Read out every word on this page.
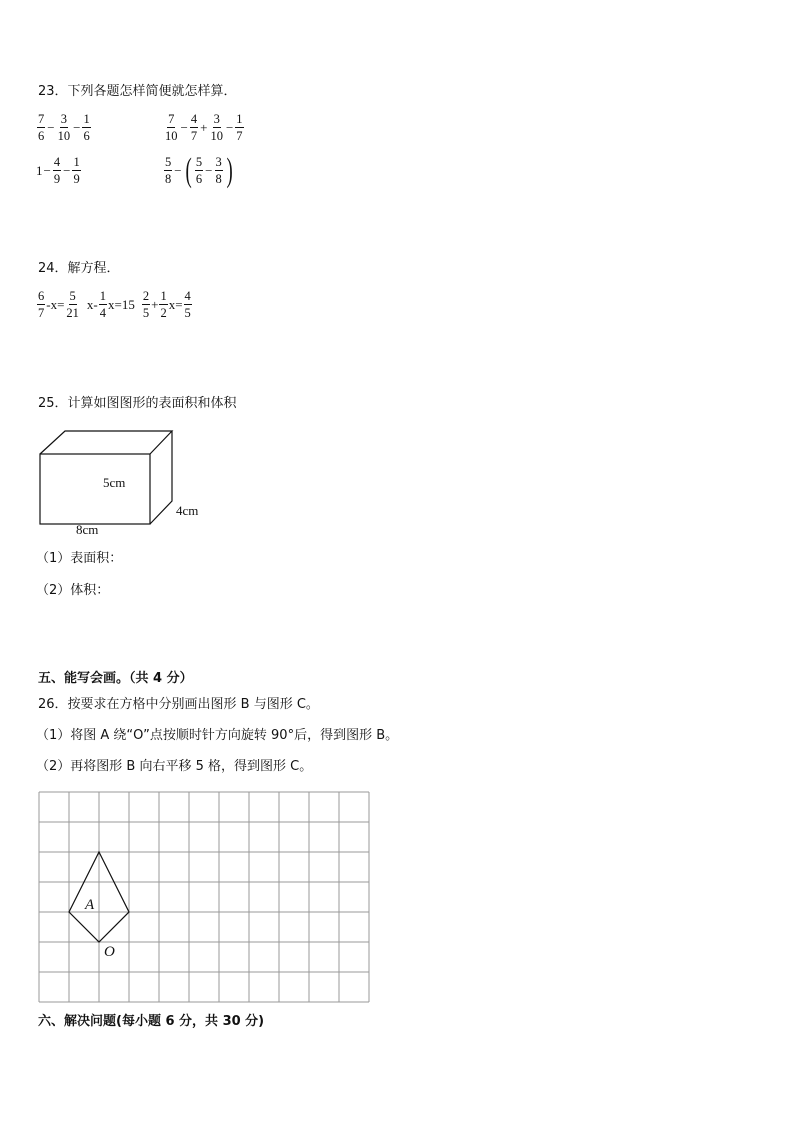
23．下列各题怎样简便就怎样算．
$\frac{7}{6} - \frac{3}{10} - \frac{1}{6}$	$\frac{7}{10} - \frac{4}{7} + \frac{3}{10} - \frac{1}{7}$
$1 - \frac{4}{9} - \frac{1}{9}$	$\frac{5}{8}$ − ( $\frac{5}{6} - \frac{3}{8}$ )
24．解方程．
$\frac{6}{7} -x= \frac{5}{21} x- \frac{1}{4} x=15 \frac{2}{5} + \frac{1}{2} x= \frac{4}{5}$
25．计算如图图形的表面积和体积
5cm
4cm
8cm
（1）表面积：
（2）体积：
五、能写会画。（共 4 分）
26．按要求在方格中分别画出图形 B 与图形 C。
（1）将图 A 绕“O”点按顺时针方向旋转 90°后，得到图形 B。
（2）再将图形 B 向右平移 5 格，得到图形 C。
A
O
六、解决问题(每小题 6 分，共 30 分)
